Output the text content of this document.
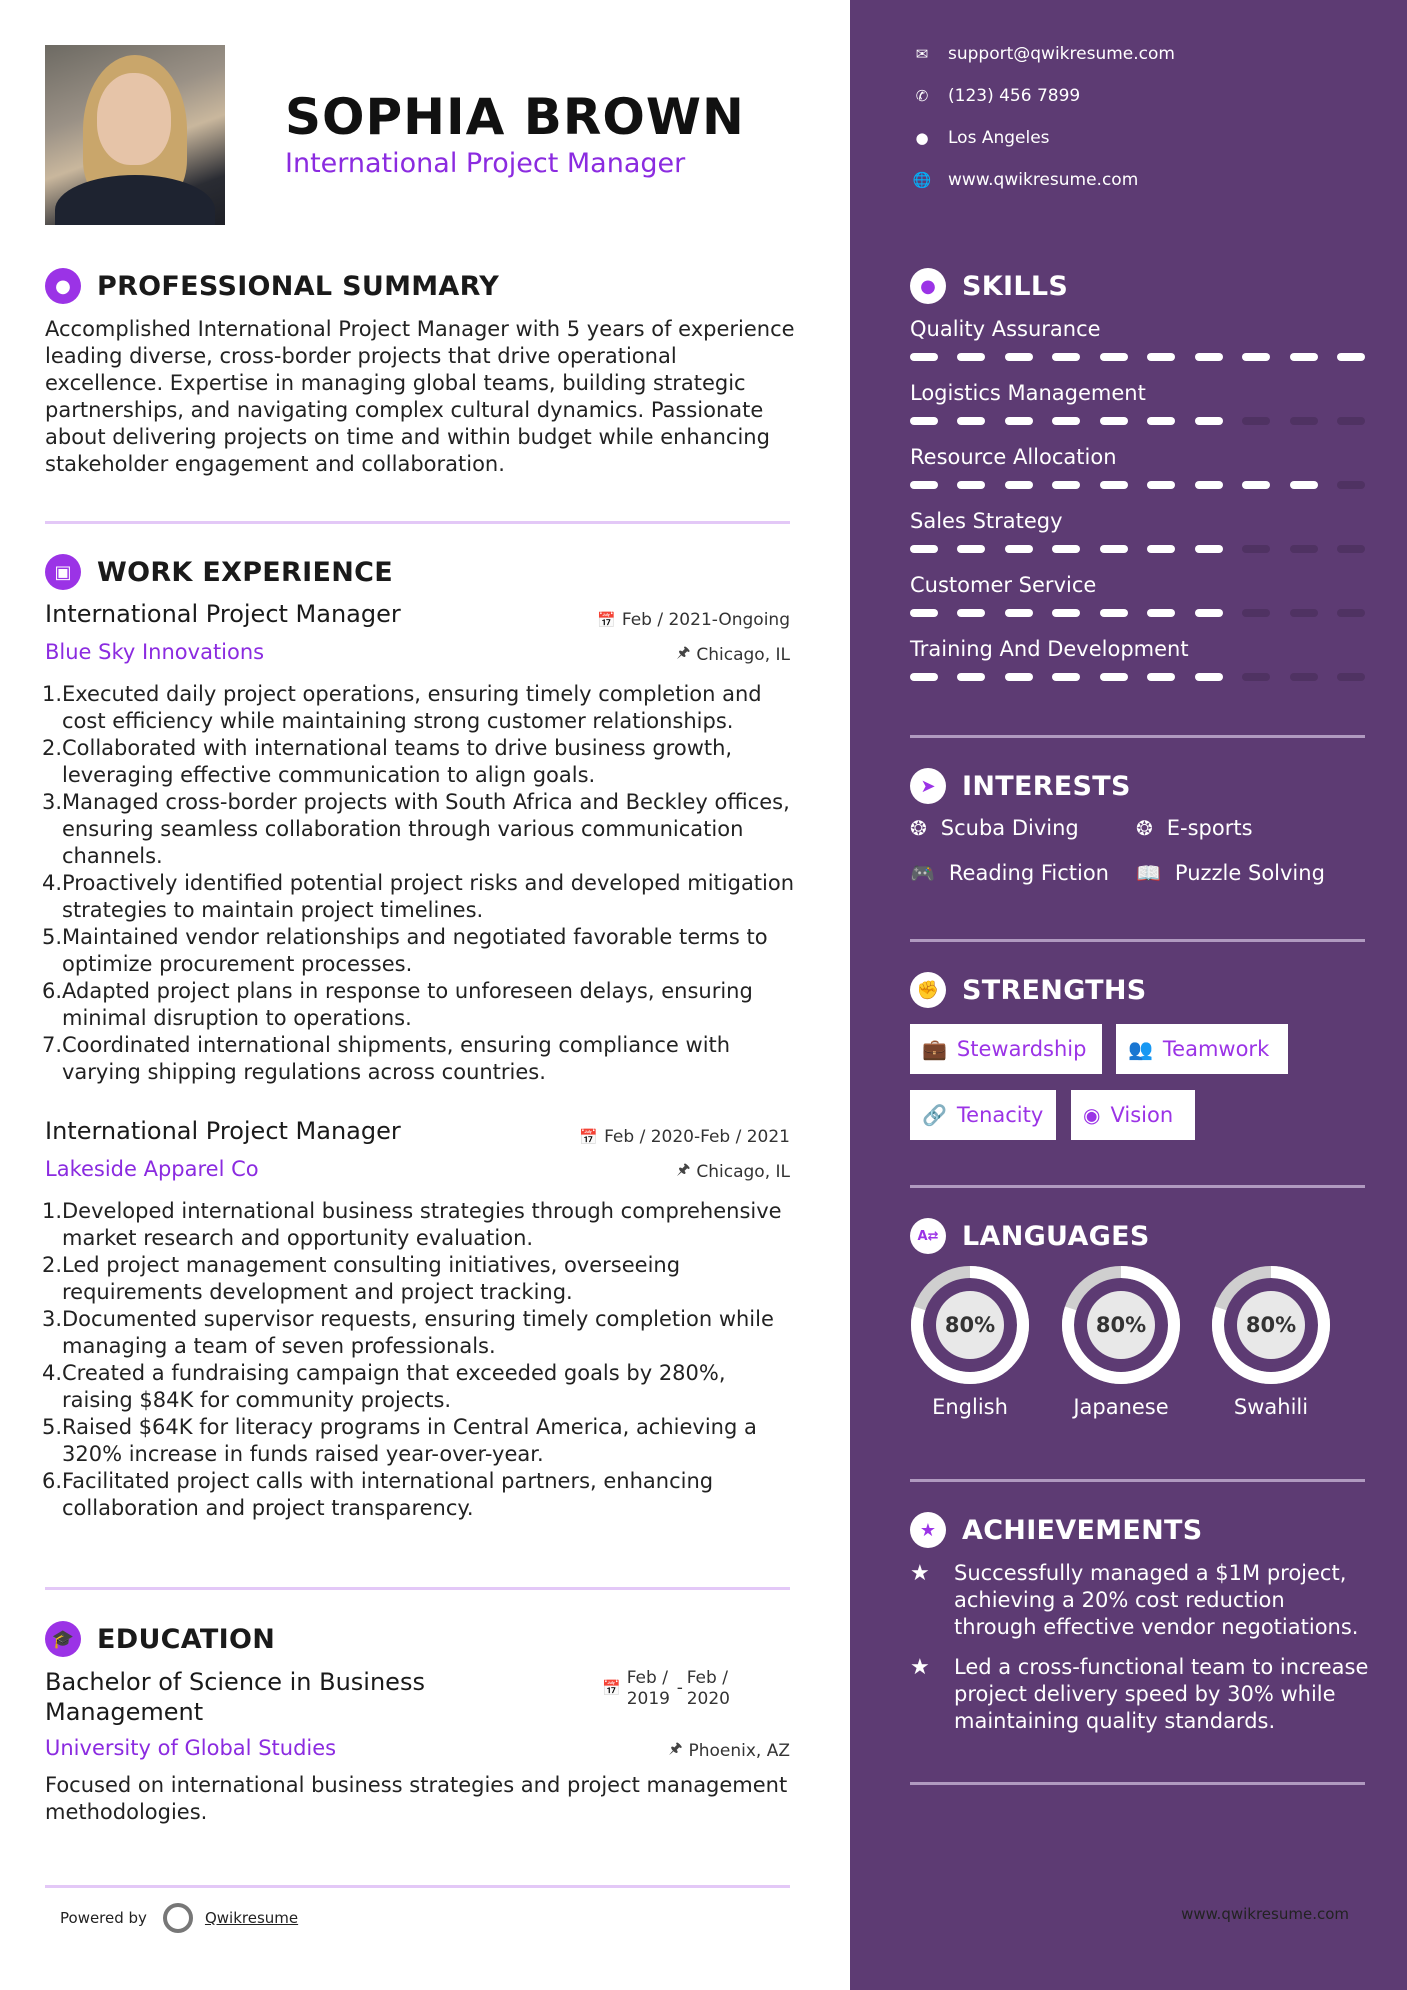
SOPHIA BROWN
International Project Manager
● PROFESSIONAL SUMMARY
Accomplished International Project Manager with 5 years of experience leading diverse, cross-border projects that drive operational excellence. Expertise in managing global teams, building strategic partnerships, and navigating complex cultural dynamics. Passionate about delivering projects on time and within budget while enhancing stakeholder engagement and collaboration.
▣ WORK EXPERIENCE
International Project Manager	📅 Feb / 2021-Ongoing
Blue Sky Innovations	🖈 Chicago, IL
1. Executed daily project operations, ensuring timely completion and cost efficiency while maintaining strong customer relationships.
2. Collaborated with international teams to drive business growth, leveraging effective communication to align goals.
3. Managed cross-border projects with South Africa and Beckley offices, ensuring seamless collaboration through various communication channels.
4. Proactively identified potential project risks and developed mitigation strategies to maintain project timelines.
5. Maintained vendor relationships and negotiated favorable terms to optimize procurement processes.
6. Adapted project plans in response to unforeseen delays, ensuring minimal disruption to operations.
7. Coordinated international shipments, ensuring compliance with varying shipping regulations across countries.
International Project Manager	📅 Feb / 2020-Feb / 2021
Lakeside Apparel Co	🖈 Chicago, IL
1. Developed international business strategies through comprehensive market research and opportunity evaluation.
2. Led project management consulting initiatives, overseeing requirements development and project tracking.
3. Documented supervisor requests, ensuring timely completion while managing a team of seven professionals.
4. Created a fundraising campaign that exceeded goals by 280%, raising $84K for community projects.
5. Raised $64K for literacy programs in Central America, achieving a 320% increase in funds raised year-over-year.
6. Facilitated project calls with international partners, enhancing collaboration and project transparency.
🎓 EDUCATION
Bachelor of Science in Business Management
📅 Feb / 2019
- Feb / 2020
University of Global Studies	🖈 Phoenix, AZ
Focused on international business strategies and project management methodologies.
Powered by	Qwikresume
✉ support@qwikresume.com
✆ (123) 456 7899
● Los Angeles
🌐 www.qwikresume.com
● SKILLS
Quality Assurance
Logistics Management
Resource Allocation
Sales Strategy
Customer Service
Training And Development
➤ INTERESTS
❂ Scuba Diving	❂ E-sports
🎮 Reading Fiction 📖 Puzzle Solving
✊ STRENGTHS
💼 Stewardship 👥 Teamwork
🔗 Tenacity ◉ Vision
A⇄ LANGUAGES
80%
English
80%
Japanese
80%
Swahili
★ ACHIEVEMENTS
★	Successfully managed a $1M project, achieving a 20% cost reduction through effective vendor negotiations.
★	Led a cross-functional team to increase project delivery speed by 30% while maintaining quality standards.
www.qwikresume.com
